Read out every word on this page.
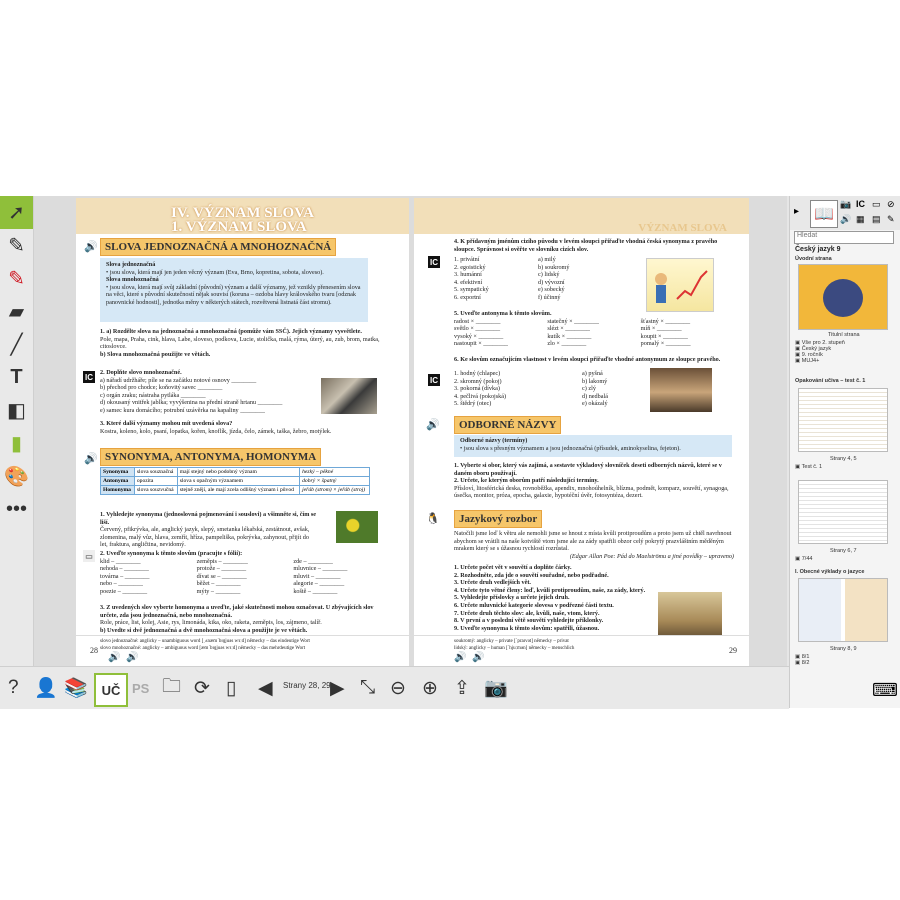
➚
✎
✎
▰
╱
T
◧
▮
🎨
•••
IV. VÝZNAM SLOVA
1. VÝZNAM SLOVA
🔊 SLOVA JEDNOZNAČNÁ A MNOHOZNAČNÁ
Slova jednoznačná
• jsou slova, která mají jen jeden věcný význam (Eva, Brno, kopretina, sobota, sloveso).
Slova mnohoznačná
• jsou slova, která mají svůj základní (původní) význam a další významy, jež vznikly přenesením slova na věci, které s původní skutečností nějak souvisí (koruna – ozdoba hlavy královského tvaru [odznak panovnické hodnosti], jednotka měny v některých státech, rozvětvená listnatá část stromu).
1. a) Rozdělte slova na jednoznačná a mnohoznačná (pomůže vám SSČ). Jejich významy vysvětlete.
Pole, mapa, Praha, cink, hlava, Labe, sloveso, podkova, Lucie, stolička, malá, rýma, úterý, au, zub, brom, matka, citoslovce.
b) Slova mnohoznačná použijte ve větách.
IC	2. Doplňte slovo mnohoznačné.
a) nářadí udržháře; píle se na začátku notové osnovy ________
b) přechod pro chodce; koňovitý savec ________
c) orgán zraku; nástraha pytláka ________
d) okousaný vnitřek jablka; vyvýšenina na přední straně hrtanu ________
e) samec kura domácího; potrubní uzávěrka na kapaliny ________
3. Které další významy mohou mít uvedená slova?
Kostra, koleno, kolo, psaní, lopatka, kořen, knoflík, jízda, čelo, zámek, taška, žebro, motýlek.
🔊 SYNONYMA, ANTONYMA, HOMONYMA
Synonyma	slova souznačná	mají stejný nebo podobný význam	hezký – pěkné
Antonyma	opozita	slova s opačným významem	dobrý × špatný
Homonyma	slova souzvučná	stejně znějí, ale mají zcela odlišný význam i původ	jeřáb (strom) × jeřáb (stroj)
1. Vyhledejte synonyma (jednoslovná pojmenování i souslovi) a všimněte si, čím se liší.
Červený, pfikrývka, ale, anglický jazyk, slepý, smetanka lékařská, zestátnout, avšak, zlomenina, malý vůz, hlava, zemřít, hříza, pampeliška, pokrývka, zahynout, přijít do let, fraktura, angličtina, nevidomý.
▭	2. Uveďte synonyma k těmto slovům (pracujte s fólií):
klid – ________	zeměpis – ________	zde – ________
nehoda – ________	protože – ________	mluvnice – ________
továrna – ________	dívat se – ________	mluvit – ________
nebo – ________	běžet – ________	alegorie – ________
poezie – ________	mýty – ________	koště – ________
3. Z uvedených slov vyberte homonyma a uveďte, jaké skutečnosti mohou označovat. U zbývajících slov určete, zda jsou jednoznačná, nebo mnohoznačná.
Role, práce, list, kolej, Asie, rys, limonáda, kika, oko, raketa, zeměpis, los, zájmeno, talíř.
b) Uvedte si dvě jednoznačná a dvě mnohoznačná slova a použijte je ve větách.
28
slovo jednoznačné: anglicky – unambiguous word [ˌʌnæmˈbɪɡjuəs wɜːd] německy – das eindeutige Wort
slovo mnohoznačné: anglicky – ambiguous word [æmˈbɪɡjuəs wɜːd] německy – das mehrdeutige Wort
🔊 🔊
VÝZNAM SLOVA
IC
4. K přídavným jménům cizího původu v levém sloupci přiřaďte vhodná česká synonyma z pravého sloupce. Správnost si ověřte ve slovníku cizích slov.
1. privátní
2. egoistický
3. humánní
4. efektivní
5. sympatický
6. exportní
a) milý
b) soukromý
c) lidský
d) vývozní
e) sobecký
f) účinný
5. Uveďte antonyma k těmto slovům.
radost × ________	statečný × ________	šťastný × ________
světlo × ________	slézt × ________	míň × ________
vysoký × ________	kutík × ________	koupit × ________
nastoupit × ________	zlo × ________	pomalý × ________
IC
6. Ke slovům označujícím vlastnost v levém sloupci přiřaďte vhodné antonymum ze sloupce pravého.
1. hodný (chlapec)
2. skromný (pokoj)
3. pokorná (dívka)
4. pečlivá (pokojská)
5. štědrý (otec)
a) pyšná
b) lakomý
c) zlý
d) nedbalá
e) okázalý
🔊	ODBORNÉ NÁZVY
Odborné názvy (termíny)
• jsou slova s přesným významem a jsou jednoznačná (přísudek, aminokyselina, fejeton).
1. Vyberte si obor, který vás zajímá, a sestavte výkladový slovníček deseti odborných názvů, které se v daném oboru používají.
2. Určete, ke kterým oborům patří následující termíny.
Přísloví, litosférická deska, rovnoběžka, apendix, mnohoúhelník, blízma, podmět, komparz, souvětí, synagoga, úsečka, monitor, próza, epocha, galaxie, hypotéční úvěr, fotosyntéza, dezert.
🐧	Jazykový rozbor
Natočili jsme loď k větru ale nemohli jsme se hnout z místa kvůli protiproudům a proto jsem už chtěl navrhnout abychom se vrátili na naše kotviště vtom jsme ale za zády spatřili obzor celý pokrytý prazvláštním měděným mrakem který se s úžasnou rychlostí rozrůstal.

(Edgar Allan Poe: Pád do Maelströmu a jiné povídky – upraveno)
1. Určete počet vět v souvětí a doplňte čárky.
2. Rozhodněte, zda jde o souvětí souřadné, nebo podřadné.
3. Určete druh vedlejších vět.
4. Určete tyto větné členy: loď, kvůli protiproudům, naše, za zády, který.
5. Vyhledejte příslovky a určete jejich druh.
6. Určete mluvnické kategorie slovesa v podřezné části textu.
7. Určete druh těchto slov: ale, kvůli, naše, vtom, který.
8. V první a v poslední větě souvětí vyhledejte příklonky.
9. Uveďte synonyma k těmto slovům: spatřili, úžasnou.
29
soukromý: anglicky – private [ˈpraɪvət] německy – privat
lidský: anglicky – human [ˈhjuːmən] německy – menschlich
🔊 🔊
▸ 📖
📷 IC ▭ ⊘
🔊 ▦ ▤ ✎
Hledat
Český jazyk 9
Úvodní strana
Titulní strana
▣ Vše pro 2. stupeň
▣ Český jazyk
▣ 9. ročník
▣ MUJ4+
Opakování učiva – test č. 1
Strany 4, 5
▣ Test č. 1
Strany 6, 7
▣ 7/44
I. Obecné výklady o jazyce
Strany 8, 9
▣ 8/1
▣ 8/2
⌨
? 👤 📚	UČ PS 🗀 ⟳ ▯ ◀ Strany 28, 29 ▶ ⤡ ⊖ ⊕ ⇪ 📷
